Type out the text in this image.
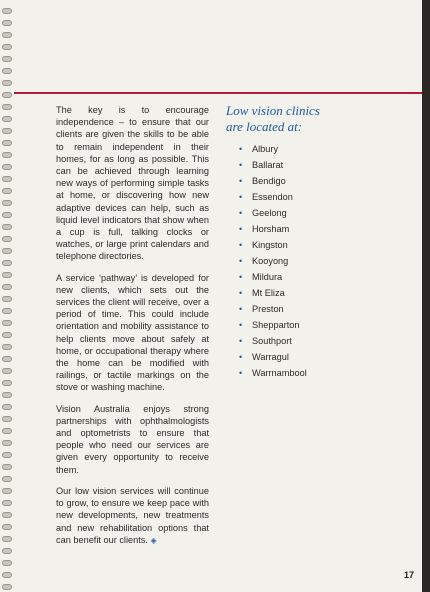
The key is to encourage independence – to ensure that our clients are given the skills to be able to remain independent in their homes, for as long as possible. This can be achieved through learning new ways of performing simple tasks at home, or discovering how new adaptive devices can help, such as liquid level indicators that show when a cup is full, talking clocks or watches, or large print calendars and telephone directories.

A service ‘pathway’ is developed for new clients, which sets out the services the client will receive, over a period of time. This could include orientation and mobility assistance to help clients move about safely at home, or occupational therapy where the home can be modified with railings, or tactile markings on the stove or washing machine.

Vision Australia enjoys strong partnerships with ophthalmologists and optometrists to ensure that people who need our services are given every opportunity to receive them.

Our low vision services will continue to grow, to ensure we keep pace with new developments, new treatments and new rehabilitation options that can benefit our clients. ◈

Low vision clinics
are located at:
• Albury
• Ballarat
• Bendigo
• Essendon
• Geelong
• Horsham
• Kingston
• Kooyong
• Mildura
• Mt Eliza
• Preston
• Shepparton
• Southport
• Warragul
• Warrnambool
17
